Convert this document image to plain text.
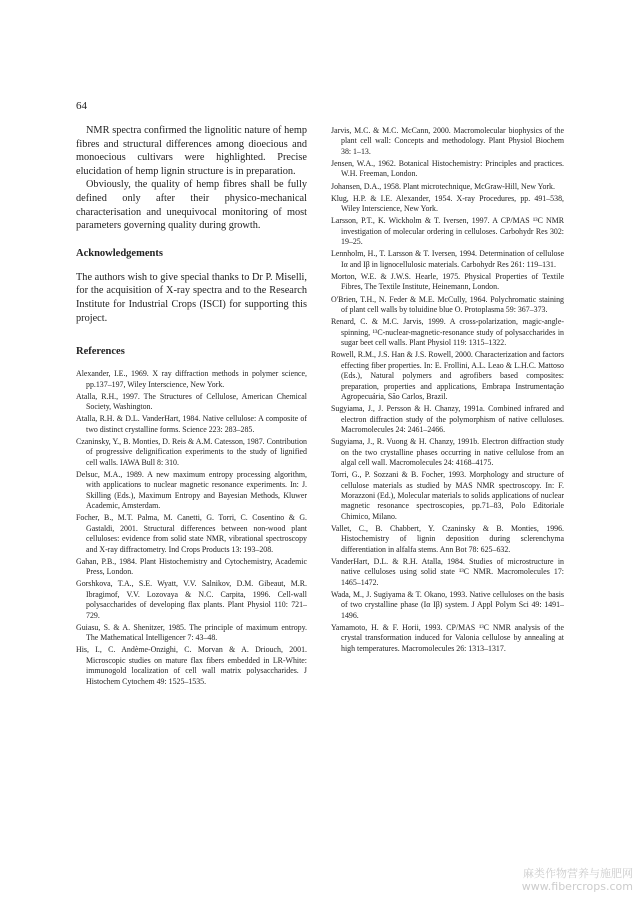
64

NMR spectra confirmed the lignolitic nature of hemp fibres and structural differences among dioecious and monoecious cultivars were highlighted. Precise elucidation of hemp lignin structure is in preparation.

Obviously, the quality of hemp fibres shall be fully defined only after their physico-mechanical characterisation and unequivocal monitoring of most parameters governing quality during growth.

Acknowledgements

The authors wish to give special thanks to Dr P. Miselli, for the acquisition of X-ray spectra and to the Research Institute for Industrial Crops (ISCI) for supporting this project.

References
Alexander, I.E., 1969. X ray diffraction methods in polymer science, pp.137–197, Wiley Interscience, New York.
Atalla, R.H., 1997. The Structures of Cellulose, American Chemical Society, Washington.
Atalla, R.H. & D.L. VanderHart, 1984. Native cellulose: A composite of two distinct crystalline forms. Science 223: 283–285.
Czaninsky, Y., B. Monties, D. Reis & A.M. Catesson, 1987. Contribution of progressive delignification experiments to the study of lignified cell walls. IAWA Bull 8: 310.
Delsuc, M.A., 1989. A new maximum entropy processing algorithm, with applications to nuclear magnetic resonance experiments. In: J. Skilling (Eds.), Maximum Entropy and Bayesian Methods, Kluwer Academic, Amsterdam.
Focher, B., M.T. Palma, M. Canetti, G. Torri, C. Cosentino & G. Gastaldi, 2001. Structural differences between non-wood plant celluloses: evidence from solid state NMR, vibrational spectroscopy and X-ray diffractometry. Ind Crops Products 13: 193–208.
Gahan, P.B., 1984. Plant Histochemistry and Cytochemistry, Academic Press, London.
Gorshkova, T.A., S.E. Wyatt, V.V. Salnikov, D.M. Gibeaut, M.R. Ibragimof, V.V. Lozovaya & N.C. Carpita, 1996. Cell-wall polysaccharides of developing flax plants. Plant Physiol 110: 721–729.
Guiasu, S. & A. Shenitzer, 1985. The principle of maximum entropy. The Mathematical Intelligencer 7: 43–48.
His, I., C. Andème-Onzighi, C. Morvan & A. Driouch, 2001. Microscopic studies on mature flax fibers embedded in LR-White: immunogold localization of cell wall matrix polysaccharides. J Histochem Cytochem 49: 1525–1535.
Jarvis, M.C. & M.C. McCann, 2000. Macromolecular biophysics of the plant cell wall: Concepts and methodology. Plant Physiol Biochem 38: 1–13.
Jensen, W.A., 1962. Botanical Histochemistry: Principles and practices. W.H. Freeman, London.
Johansen, D.A., 1958. Plant microtechnique, McGraw-Hill, New York.
Klug, H.P. & I.E. Alexander, 1954. X-ray Procedures, pp. 491–538, Wiley Interscience, New York.
Larsson, P.T., K. Wickholm & T. Iversen, 1997. A CP/MAS ¹³C NMR investigation of molecular ordering in celluloses. Carbohydr Res 302: 19–25.
Lennholm, H., T. Larsson & T. Iversen, 1994. Determination of cellulose Iα and Iβ in lignocellulosic materials. Carbohydr Res 261: 119–131.
Morton, W.E. & J.W.S. Hearle, 1975. Physical Properties of Textile Fibres, The Textile Institute, Heinemann, London.
O'Brien, T.H., N. Feder & M.E. McCully, 1964. Polychromatic staining of plant cell walls by toluidine blue O. Protoplasma 59: 367–373.
Renard, C. & M.C. Jarvis, 1999. A cross-polarization, magic-angle-spinning, ¹³C-nuclear-magnetic-resonance study of polysaccharides in sugar beet cell walls. Plant Physiol 119: 1315–1322.
Rowell, R.M., J.S. Han & J.S. Rowell, 2000. Characterization and factors effecting fiber properties. In: E. Frollini, A.L. Leao & L.H.C. Mattoso (Eds.), Natural polymers and agrofibers based composites: preparation, properties and applications, Embrapa Instrumentação Agropecuária, São Carlos, Brazil.
Sugyiama, J., J. Persson & H. Chanzy, 1991a. Combined infrared and electron diffraction study of the polymorphism of native celluloses. Macromolecules 24: 2461–2466.
Sugyiama, J., R. Vuong & H. Chanzy, 1991b. Electron diffraction study on the two crystalline phases occurring in native cellulose from an algal cell wall. Macromolecules 24: 4168–4175.
Torri, G., P. Sozzani & B. Focher, 1993. Morphology and structure of cellulose materials as studied by MAS NMR spectroscopy. In: F. Morazzoni (Ed.), Molecular materials to solids applications of nuclear magnetic resonance spectroscopies, pp.71–83, Polo Editoriale Chimico, Milano.
Vallet, C., B. Chabbert, Y. Czaninsky & B. Monties, 1996. Histochemistry of lignin deposition during sclerenchyma differentiation in alfalfa stems. Ann Bot 78: 625–632.
VanderHart, D.L. & R.H. Atalla, 1984. Studies of microstructure in native celluloses using solid state ¹³C NMR. Macromolecules 17: 1465–1472.
Wada, M., J. Sugiyama & T. Okano, 1993. Native celluloses on the basis of two crystalline phase (Iα Iβ) system. J Appl Polym Sci 49: 1491–1496.
Yamamoto, H. & F. Horii, 1993. CP/MAS ¹³C NMR analysis of the crystal transformation induced for Valonia cellulose by annealing at high temperatures. Macromolecules 26: 1313–1317.
麻类作物营养与施肥网
www.fibercrops.com
